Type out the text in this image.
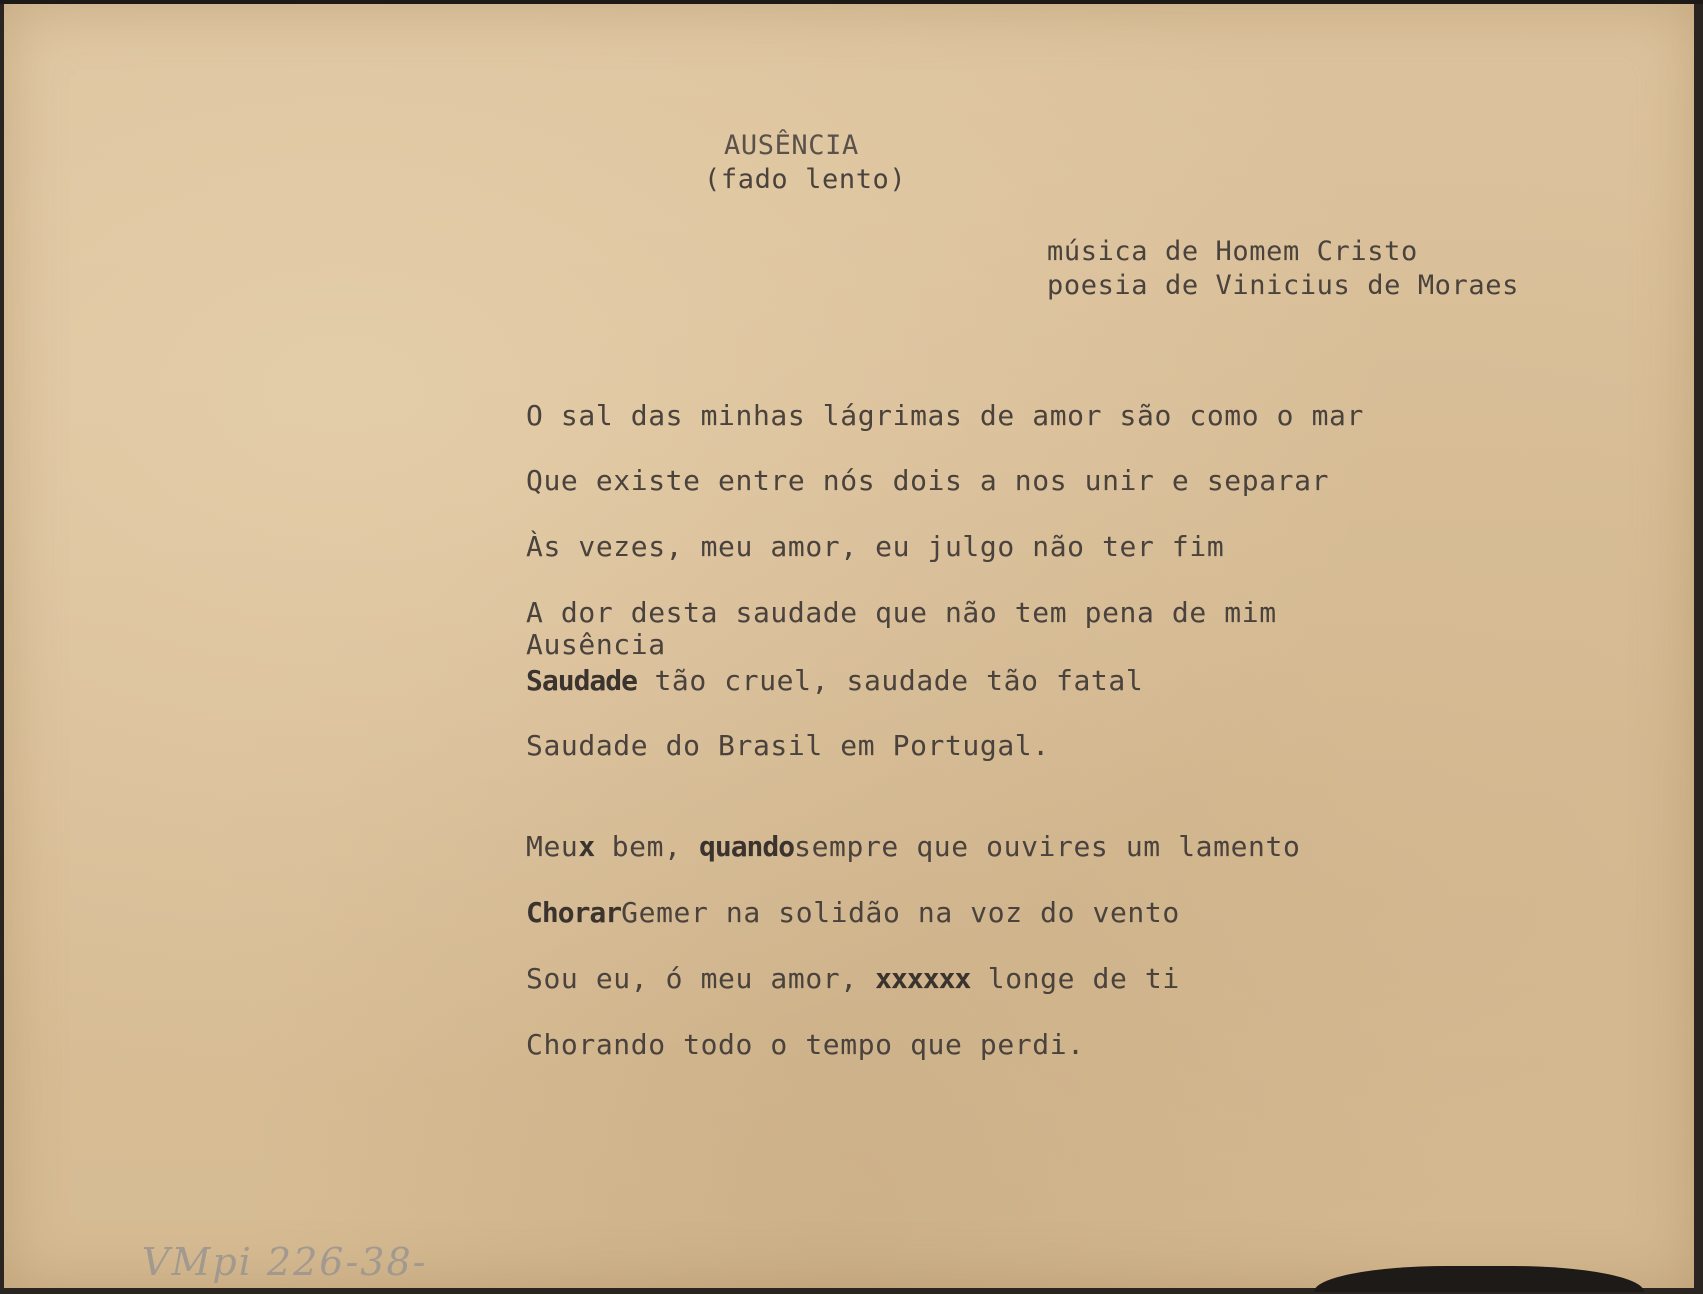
AUSÊNCIA

(fado lento)

música de Homem Cristo

poesia de Vinicius de Moraes

O sal das minhas lágrimas de amor são como o mar

Que existe entre nós dois a nos unir e separar

Às vezes, meu amor, eu julgo não ter fim

A dor desta saudade que não tem pena de mim

Ausência

Saudade tão cruel, saudade tão fatal

Saudade do Brasil em Portugal.

Meux bem, quandosempre que ouvires um lamento

ChorarGemer na solidão na voz do vento

Sou eu, ó meu amor, xxxxxx longe de ti

Chorando todo o tempo que perdi.

VMpi 226-38-
